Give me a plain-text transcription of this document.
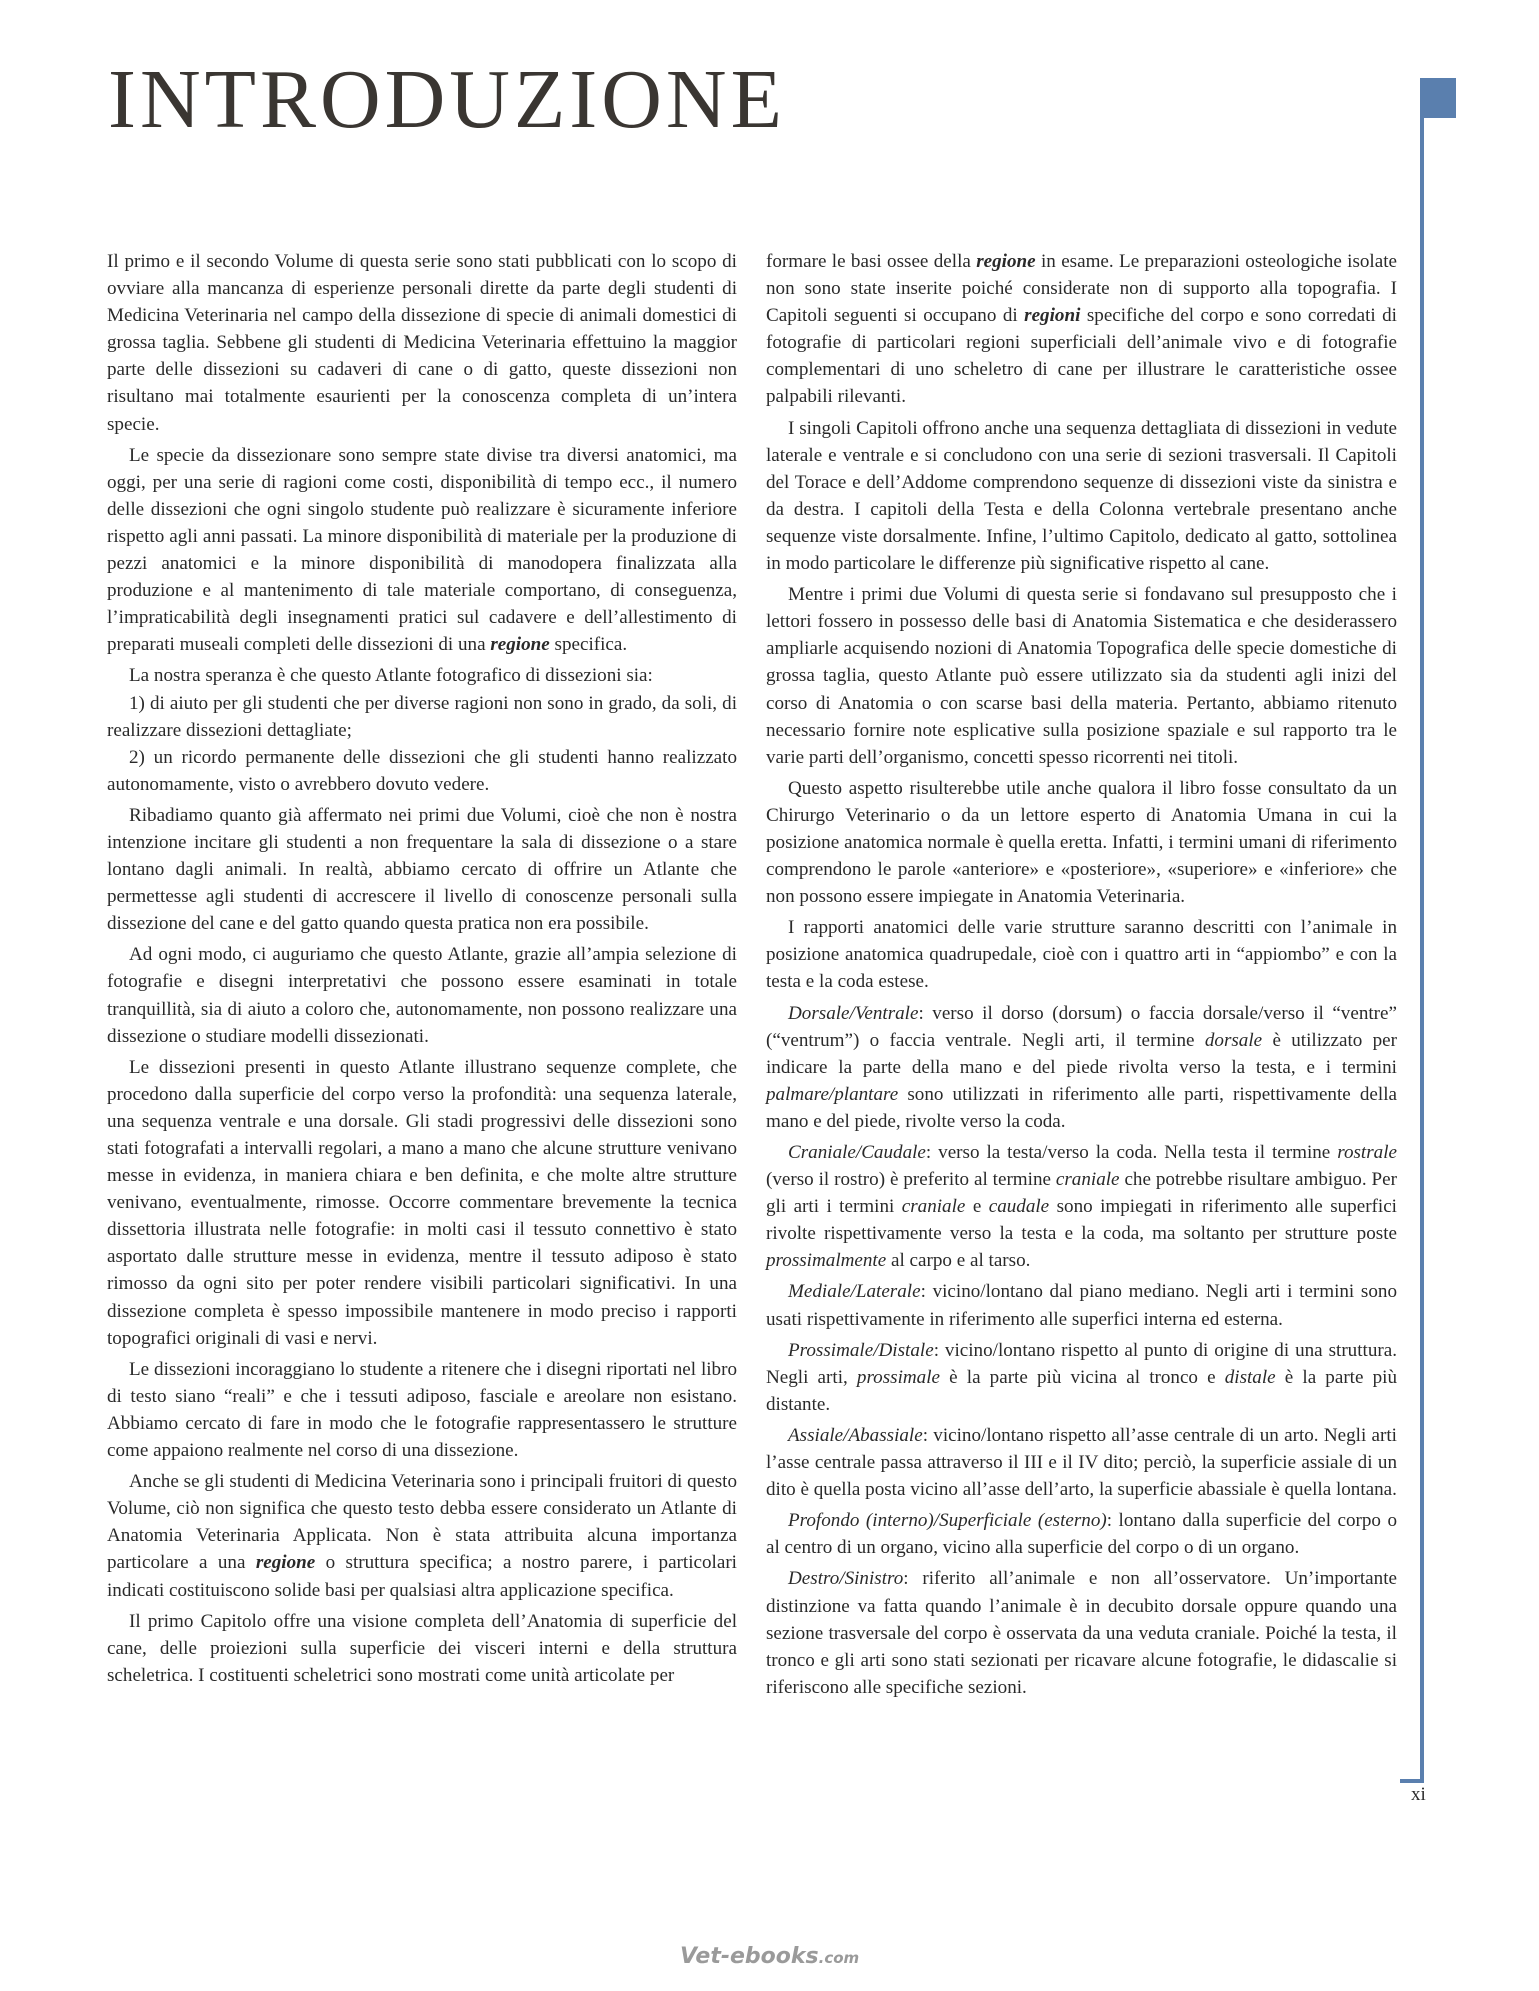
INTRODUZIONE

Il primo e il secondo Volume di questa serie sono stati pubblicati con lo scopo di ovviare alla mancanza di esperienze personali dirette da parte degli studenti di Medicina Veterinaria nel campo della dissezione di specie di animali domestici di grossa taglia. Sebbene gli studenti di Medicina Veterinaria effettuino la maggior parte delle dissezioni su cadaveri di cane o di gatto, queste dissezioni non risultano mai totalmente esaurienti per la conoscenza completa di un’intera specie.

Le specie da dissezionare sono sempre state divise tra diversi anatomici, ma oggi, per una serie di ragioni come costi, disponibilità di tempo ecc., il numero delle dissezioni che ogni singolo studente può realizzare è sicuramente inferiore rispetto agli anni passati. La minore disponibilità di materiale per la produzione di pezzi anatomici e la minore disponibilità di manodopera finalizzata alla produzione e al mantenimento di tale materiale comportano, di conseguenza, l’impraticabilità degli insegnamenti pratici sul cadavere e dell’allestimento di preparati museali completi delle dissezioni di una regione specifica.

La nostra speranza è che questo Atlante fotografico di dissezioni sia:

1) di aiuto per gli studenti che per diverse ragioni non sono in grado, da soli, di realizzare dissezioni dettagliate;

2) un ricordo permanente delle dissezioni che gli studenti hanno realizzato autonomamente, visto o avrebbero dovuto vedere.

Ribadiamo quanto già affermato nei primi due Volumi, cioè che non è nostra intenzione incitare gli studenti a non frequentare la sala di dissezione o a stare lontano dagli animali. In realtà, abbiamo cercato di offrire un Atlante che permettesse agli studenti di accrescere il livello di conoscenze personali sulla dissezione del cane e del gatto quando questa pratica non era possibile.

Ad ogni modo, ci auguriamo che questo Atlante, grazie all’ampia selezione di fotografie e disegni interpretativi che possono essere esaminati in totale tranquillità, sia di aiuto a coloro che, autonomamente, non possono realizzare una dissezione o studiare modelli dissezionati.

Le dissezioni presenti in questo Atlante illustrano sequenze complete, che procedono dalla superficie del corpo verso la profondità: una sequenza laterale, una sequenza ventrale e una dorsale. Gli stadi progressivi delle dissezioni sono stati fotografati a intervalli regolari, a mano a mano che alcune strutture venivano messe in evidenza, in maniera chiara e ben definita, e che molte altre strutture venivano, eventualmente, rimosse. Occorre commentare brevemente la tecnica dissettoria illustrata nelle fotografie: in molti casi il tessuto connettivo è stato asportato dalle strutture messe in evidenza, mentre il tessuto adiposo è stato rimosso da ogni sito per poter rendere visibili particolari significativi. In una dissezione completa è spesso impossibile mantenere in modo preciso i rapporti topografici originali di vasi e nervi.

Le dissezioni incoraggiano lo studente a ritenere che i disegni riportati nel libro di testo siano “reali” e che i tessuti adiposo, fasciale e areolare non esistano. Abbiamo cercato di fare in modo che le fotografie rappresentassero le strutture come appaiono realmente nel corso di una dissezione.

Anche se gli studenti di Medicina Veterinaria sono i principali fruitori di questo Volume, ciò non significa che questo testo debba essere considerato un Atlante di Anatomia Veterinaria Applicata. Non è stata attribuita alcuna importanza particolare a una regione o struttura specifica; a nostro parere, i particolari indicati costituiscono solide basi per qualsiasi altra applicazione specifica.

Il primo Capitolo offre una visione completa dell’Anatomia di superficie del cane, delle proiezioni sulla superficie dei visceri interni e della struttura scheletrica. I costituenti scheletrici sono mostrati come unità articolate per

formare le basi ossee della regione in esame. Le preparazioni osteologiche isolate non sono state inserite poiché considerate non di supporto alla topografia. I Capitoli seguenti si occupano di regioni specifiche del corpo e sono corredati di fotografie di particolari regioni superficiali dell’animale vivo e di fotografie complementari di uno scheletro di cane per illustrare le caratteristiche ossee palpabili rilevanti.

I singoli Capitoli offrono anche una sequenza dettagliata di dissezioni in vedute laterale e ventrale e si concludono con una serie di sezioni trasversali. Il Capitoli del Torace e dell’Addome comprendono sequenze di dissezioni viste da sinistra e da destra. I capitoli della Testa e della Colonna vertebrale presentano anche sequenze viste dorsalmente. Infine, l’ultimo Capitolo, dedicato al gatto, sottolinea in modo particolare le differenze più significative rispetto al cane.

Mentre i primi due Volumi di questa serie si fondavano sul presupposto che i lettori fossero in possesso delle basi di Anatomia Sistematica e che desiderassero ampliarle acquisendo nozioni di Anatomia Topografica delle specie domestiche di grossa taglia, questo Atlante può essere utilizzato sia da studenti agli inizi del corso di Anatomia o con scarse basi della materia. Pertanto, abbiamo ritenuto necessario fornire note esplicative sulla posizione spaziale e sul rapporto tra le varie parti dell’organismo, concetti spesso ricorrenti nei titoli.

Questo aspetto risulterebbe utile anche qualora il libro fosse consultato da un Chirurgo Veterinario o da un lettore esperto di Anatomia Umana in cui la posizione anatomica normale è quella eretta. Infatti, i termini umani di riferimento comprendono le parole «anteriore» e «posteriore», «superiore» e «inferiore» che non possono essere impiegate in Anatomia Veterinaria.

I rapporti anatomici delle varie strutture saranno descritti con l’animale in posizione anatomica quadrupedale, cioè con i quattro arti in “appiombo” e con la testa e la coda estese.

Dorsale/Ventrale: verso il dorso (dorsum) o faccia dorsale/verso il “ventre” (“ventrum”) o faccia ventrale. Negli arti, il termine dorsale è utilizzato per indicare la parte della mano e del piede rivolta verso la testa, e i termini palmare/plantare sono utilizzati in riferimento alle parti, rispettivamente della mano e del piede, rivolte verso la coda.

Craniale/Caudale: verso la testa/verso la coda. Nella testa il termine rostrale (verso il rostro) è preferito al termine craniale che potrebbe risultare ambiguo. Per gli arti i termini craniale e caudale sono impiegati in riferimento alle superfici rivolte rispettivamente verso la testa e la coda, ma soltanto per strutture poste prossimalmente al carpo e al tarso.

Mediale/Laterale: vicino/lontano dal piano mediano. Negli arti i termini sono usati rispettivamente in riferimento alle superfici interna ed esterna.

Prossimale/Distale: vicino/lontano rispetto al punto di origine di una struttura. Negli arti, prossimale è la parte più vicina al tronco e distale è la parte più distante.

Assiale/Abassiale: vicino/lontano rispetto all’asse centrale di un arto. Negli arti l’asse centrale passa attraverso il III e il IV dito; perciò, la superficie assiale di un dito è quella posta vicino all’asse dell’arto, la superficie abassiale è quella lontana.

Profondo (interno)/Superficiale (esterno): lontano dalla superficie del corpo o al centro di un organo, vicino alla superficie del corpo o di un organo.

Destro/Sinistro: riferito all’animale e non all’osservatore. Un’importante distinzione va fatta quando l’animale è in decubito dorsale oppure quando una sezione trasversale del corpo è osservata da una veduta craniale. Poiché la testa, il tronco e gli arti sono stati sezionati per ricavare alcune fotografie, le didascalie si riferiscono alle specifiche sezioni.

xi
Vet-ebooks.com
